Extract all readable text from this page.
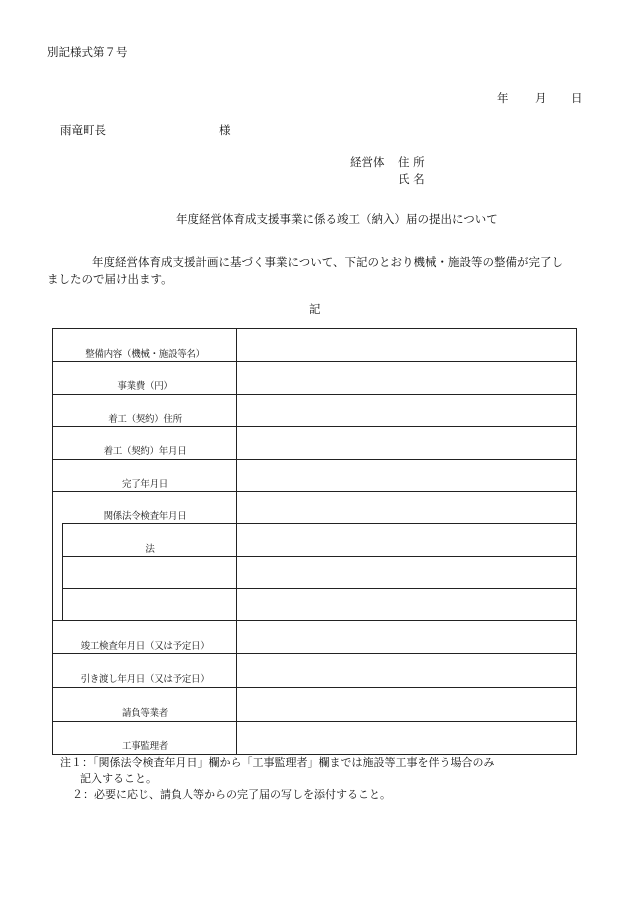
別記様式第７号
年 月 日
雨竜町長	様
経営体 住 所
氏 名
年度経営体育成支援事業に係る竣工（納入）届の提出について
年度経営体育成支援計画に基づく事業について、下記のとおり機械・施設等の整備が完了し
ましたので届け出ます。
記
整備内容（機械・施設等名）
事業費（円）
着工（契約）住所
着工（契約）年月日
完了年月日
関係法令検査年月日
法
竣工検査年月日（又は予定日）
引き渡し年月日（又は予定日）
請負等業者
工事監理者
注１：「関係法令検査年月日」欄から「工事監理者」欄までは施設等工事を伴う場合のみ
記入すること。
２：必要に応じ、請負人等からの完了届の写しを添付すること。
